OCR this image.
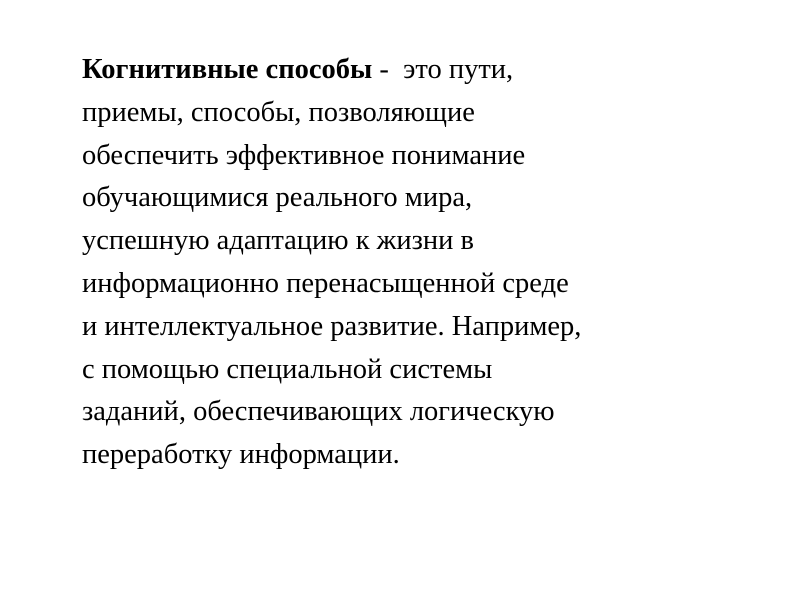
Когнитивные способы -  это пути,
приемы, способы, позволяющие
обеспечить эффективное понимание
обучающимися реального мира,
успешную адаптацию к жизни в
информационно перенасыщенной среде
и интеллектуальное развитие. Например,
с помощью специальной системы
заданий, обеспечивающих логическую
переработку информации.
